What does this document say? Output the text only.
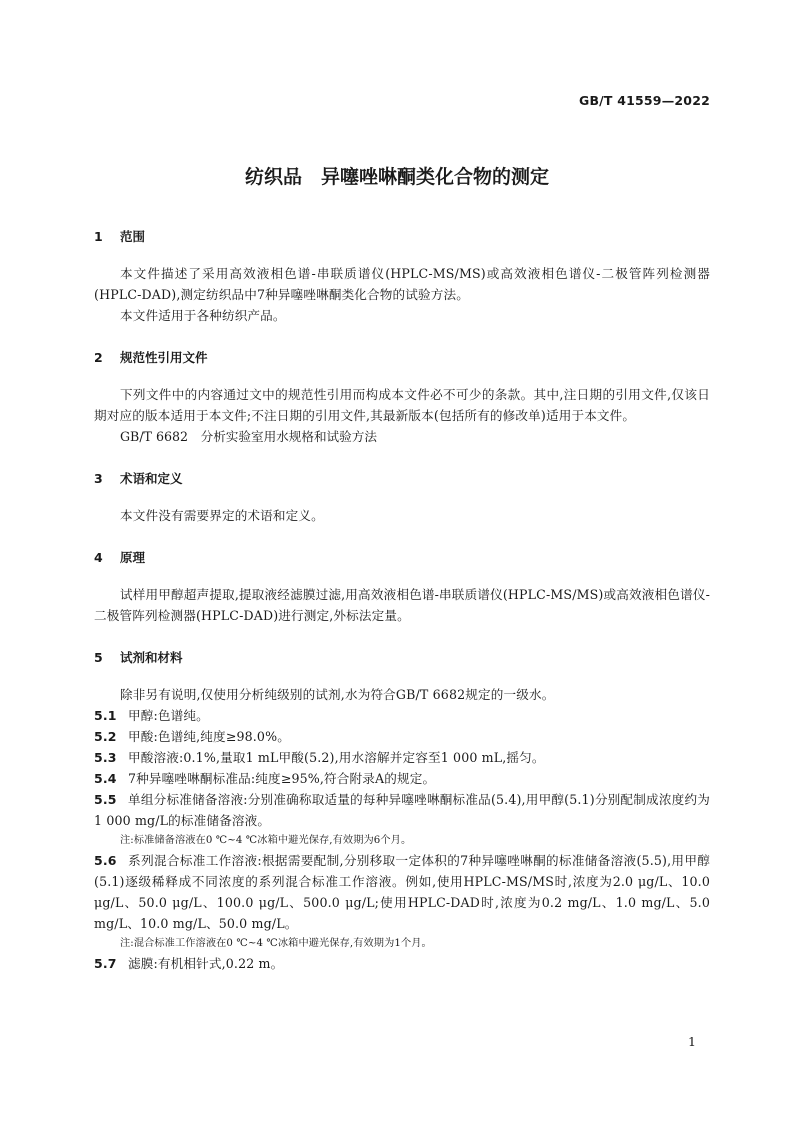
GB/T 41559—2022
纺织品　异噻唑啉酮类化合物的测定
1 范围
本文件描述了采用高效液相色谱-串联质谱仪(HPLC-MS/MS)或高效液相色谱仪-二极管阵列检测器(HPLC-DAD),测定纺织品中7种异噻唑啉酮类化合物的试验方法。
本文件适用于各种纺织产品。
2 规范性引用文件
下列文件中的内容通过文中的规范性引用而构成本文件必不可少的条款。其中,注日期的引用文件,仅该日期对应的版本适用于本文件;不注日期的引用文件,其最新版本(包括所有的修改单)适用于本文件。
GB/T 6682　分析实验室用水规格和试验方法
3 术语和定义
本文件没有需要界定的术语和定义。
4 原理
试样用甲醇超声提取,提取液经滤膜过滤,用高效液相色谱-串联质谱仪(HPLC-MS/MS)或高效液相色谱仪-二极管阵列检测器(HPLC-DAD)进行测定,外标法定量。
5 试剂和材料
除非另有说明,仅使用分析纯级别的试剂,水为符合GB/T 6682规定的一级水。
5.1 甲醇:色谱纯。
5.2 甲酸:色谱纯,纯度≥98.0%。
5.3 甲酸溶液:0.1%,量取1 mL甲酸(5.2),用水溶解并定容至1 000 mL,摇匀。
5.4 7种异噻唑啉酮标准品:纯度≥95%,符合附录A的规定。
5.5 单组分标准储备溶液:分别准确称取适量的每种异噻唑啉酮标准品(5.4),用甲醇(5.1)分别配制成浓度约为1 000 mg/L的标准储备溶液。
注:标准储备溶液在0 ℃~4 ℃冰箱中避光保存,有效期为6个月。
5.6 系列混合标准工作溶液:根据需要配制,分别移取一定体积的7种异噻唑啉酮的标准储备溶液(5.5),用甲醇(5.1)逐级稀释成不同浓度的系列混合标准工作溶液。例如,使用HPLC-MS/MS时,浓度为2.0 μg/L、10.0 μg/L、50.0 μg/L、100.0 μg/L、500.0 μg/L;使用HPLC-DAD时,浓度为0.2 mg/L、1.0 mg/L、5.0 mg/L、10.0 mg/L、50.0 mg/L。
注:混合标准工作溶液在0 ℃~4 ℃冰箱中避光保存,有效期为1个月。
5.7 滤膜:有机相针式,0.22 m。
1
